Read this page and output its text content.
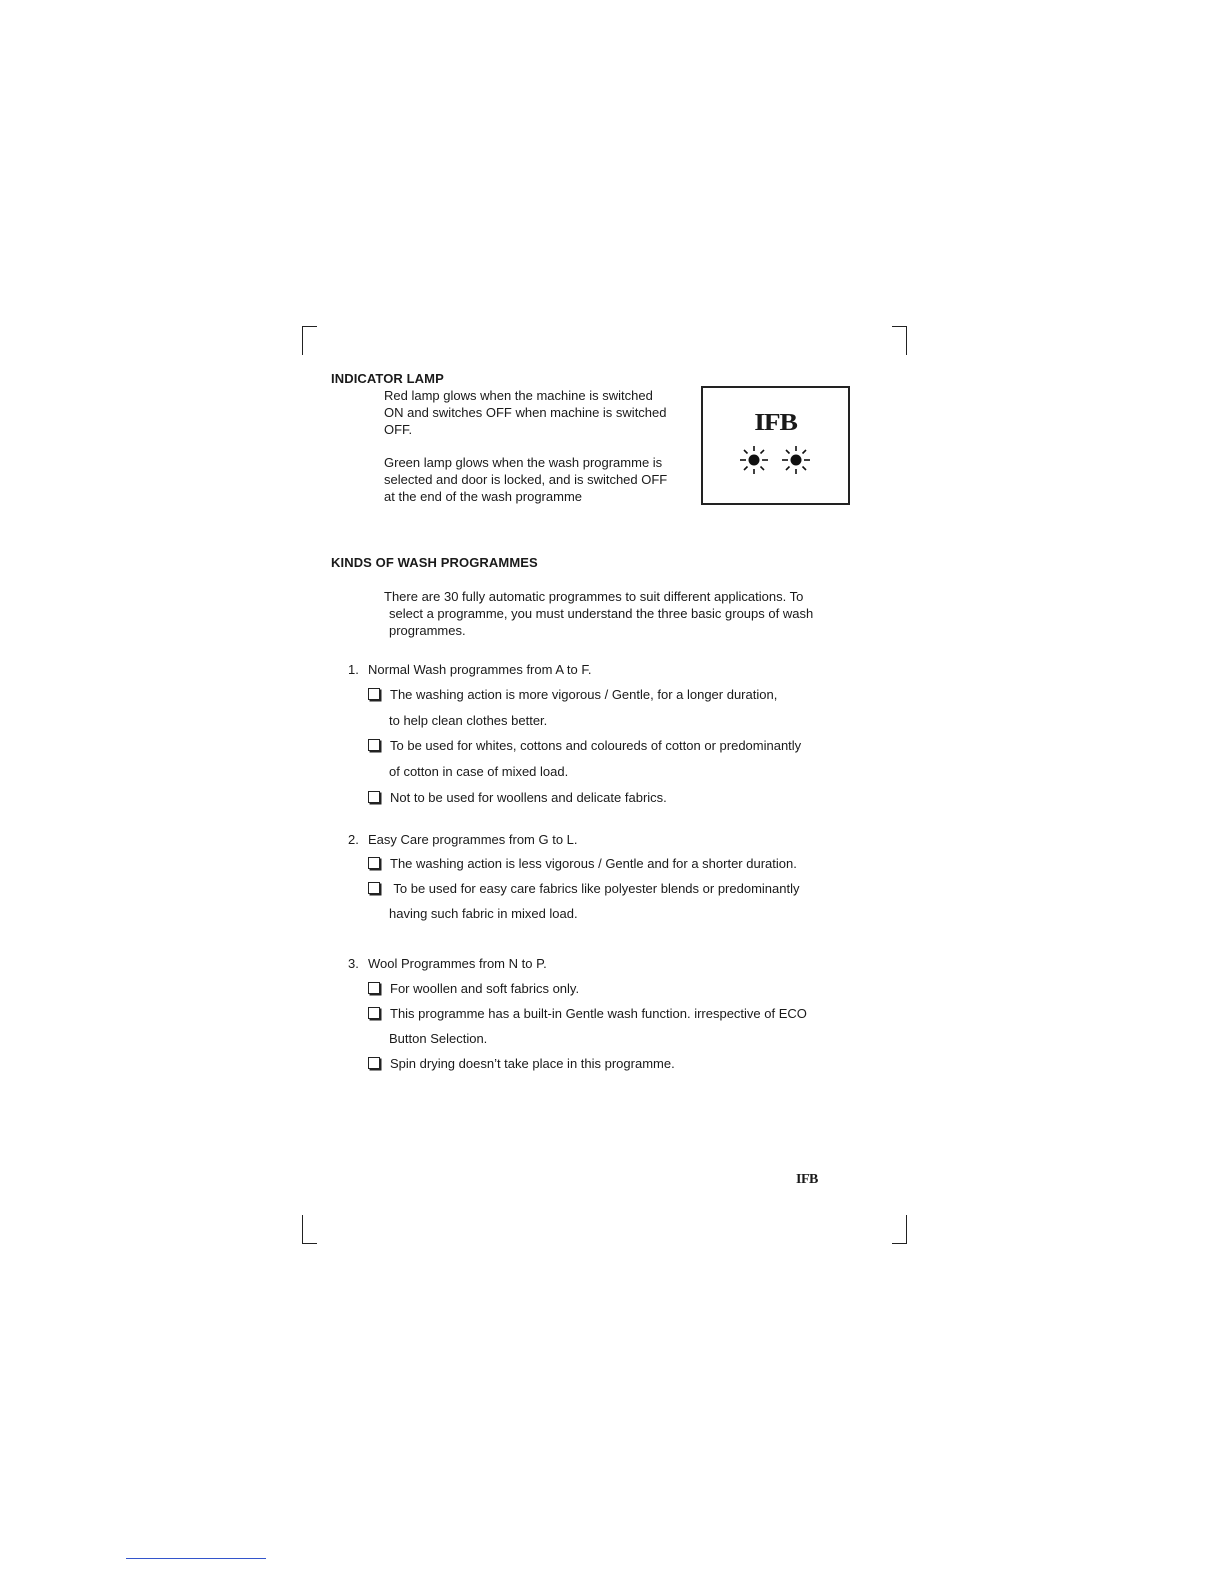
INDICATOR LAMP
Red lamp glows when the machine is switched
ON and switches OFF when machine is switched
OFF.
Green lamp glows when the wash programme is
selected and door is locked, and is switched OFF
at the end of the wash programme
IFB
KINDS OF WASH PROGRAMMES
There are 30 fully automatic programmes to suit different applications. To
select a programme, you must understand the three basic groups of wash
programmes.
1. Normal Wash programmes from A to F.
The washing action is more vigorous / Gentle, for a longer duration,
to help clean clothes better.
To be used for whites, cottons and coloureds of cotton or predominantly
of cotton in case of mixed load.
Not to be used for woollens and delicate fabrics.
2. Easy Care programmes from G to L.
The washing action is less vigorous / Gentle and for a shorter duration.
To be used for easy care fabrics like polyester blends or predominantly
having such fabric in mixed load.
3. Wool Programmes from N to P.
For woollen and soft fabrics only.
This programme has a built-in Gentle wash function. irrespective of ECO
Button Selection.
Spin drying doesn’t take place in this programme.
IFB
